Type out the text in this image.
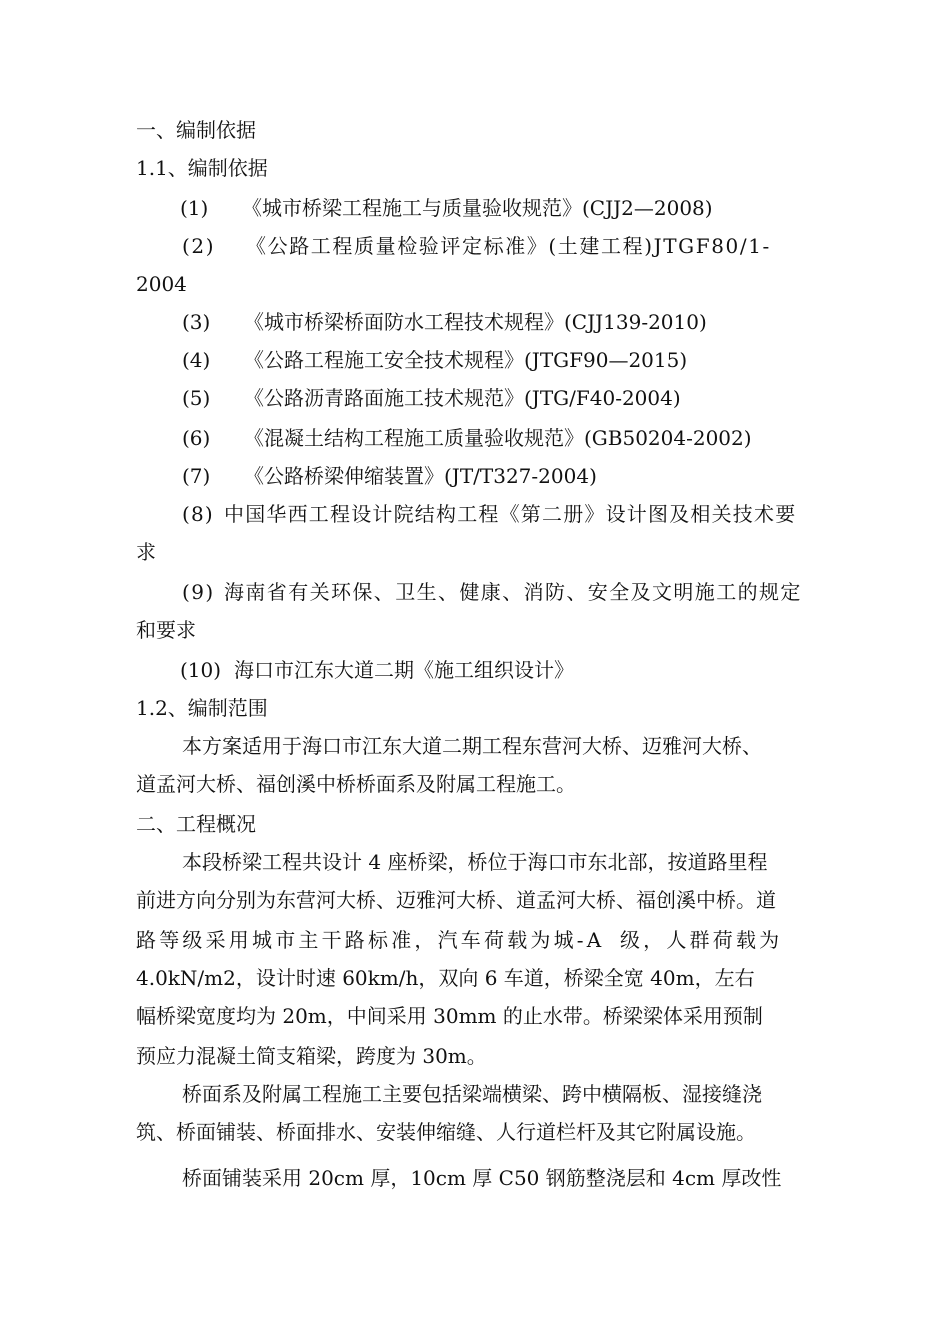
一、编制依据
1.1、编制依据
(1) 《城市桥梁工程施工与质量验收规范》(CJJ2—2008)
(2) 《公路工程质量检验评定标准》(土建工程)JTGF80/1-
2004
(3) 《城市桥梁桥面防水工程技术规程》(CJJ139-2010)
(4) 《公路工程施工安全技术规程》(JTGF90—2015)
(5) 《公路沥青路面施工技术规范》(JTG/F40-2004)
(6) 《混凝土结构工程施工质量验收规范》(GB50204-2002)
(7) 《公路桥梁伸缩装置》(JT/T327-2004)
(8) 中国华西工程设计院结构工程《第二册》设计图及相关技术要
求
(9) 海南省有关环保、卫生、健康、消防、安全及文明施工的规定
和要求
(10) 海口市江东大道二期《施工组织设计》
1.2、编制范围
本方案适用于海口市江东大道二期工程东营河大桥、迈雅河大桥、
道孟河大桥、福创溪中桥桥面系及附属工程施工。
二、工程概况
本段桥梁工程共设计 4 座桥梁，桥位于海口市东北部，按道路里程
前进方向分别为东营河大桥、迈雅河大桥、道孟河大桥、福创溪中桥。道
路等级采用城市主干路标准，汽车荷载为城-A 级，人群荷载为
4.0kN/m2，设计时速 60km/h，双向 6 车道，桥梁全宽 40m，左右
幅桥梁宽度均为 20m，中间采用 30mm 的止水带。桥梁梁体采用预制
预应力混凝土简支箱梁，跨度为 30m。
桥面系及附属工程施工主要包括梁端横梁、跨中横隔板、湿接缝浇
筑、桥面铺装、桥面排水、安装伸缩缝、人行道栏杆及其它附属设施。
桥面铺装采用 20cm 厚，10cm 厚 C50 钢筋整浇层和 4cm 厚改性
